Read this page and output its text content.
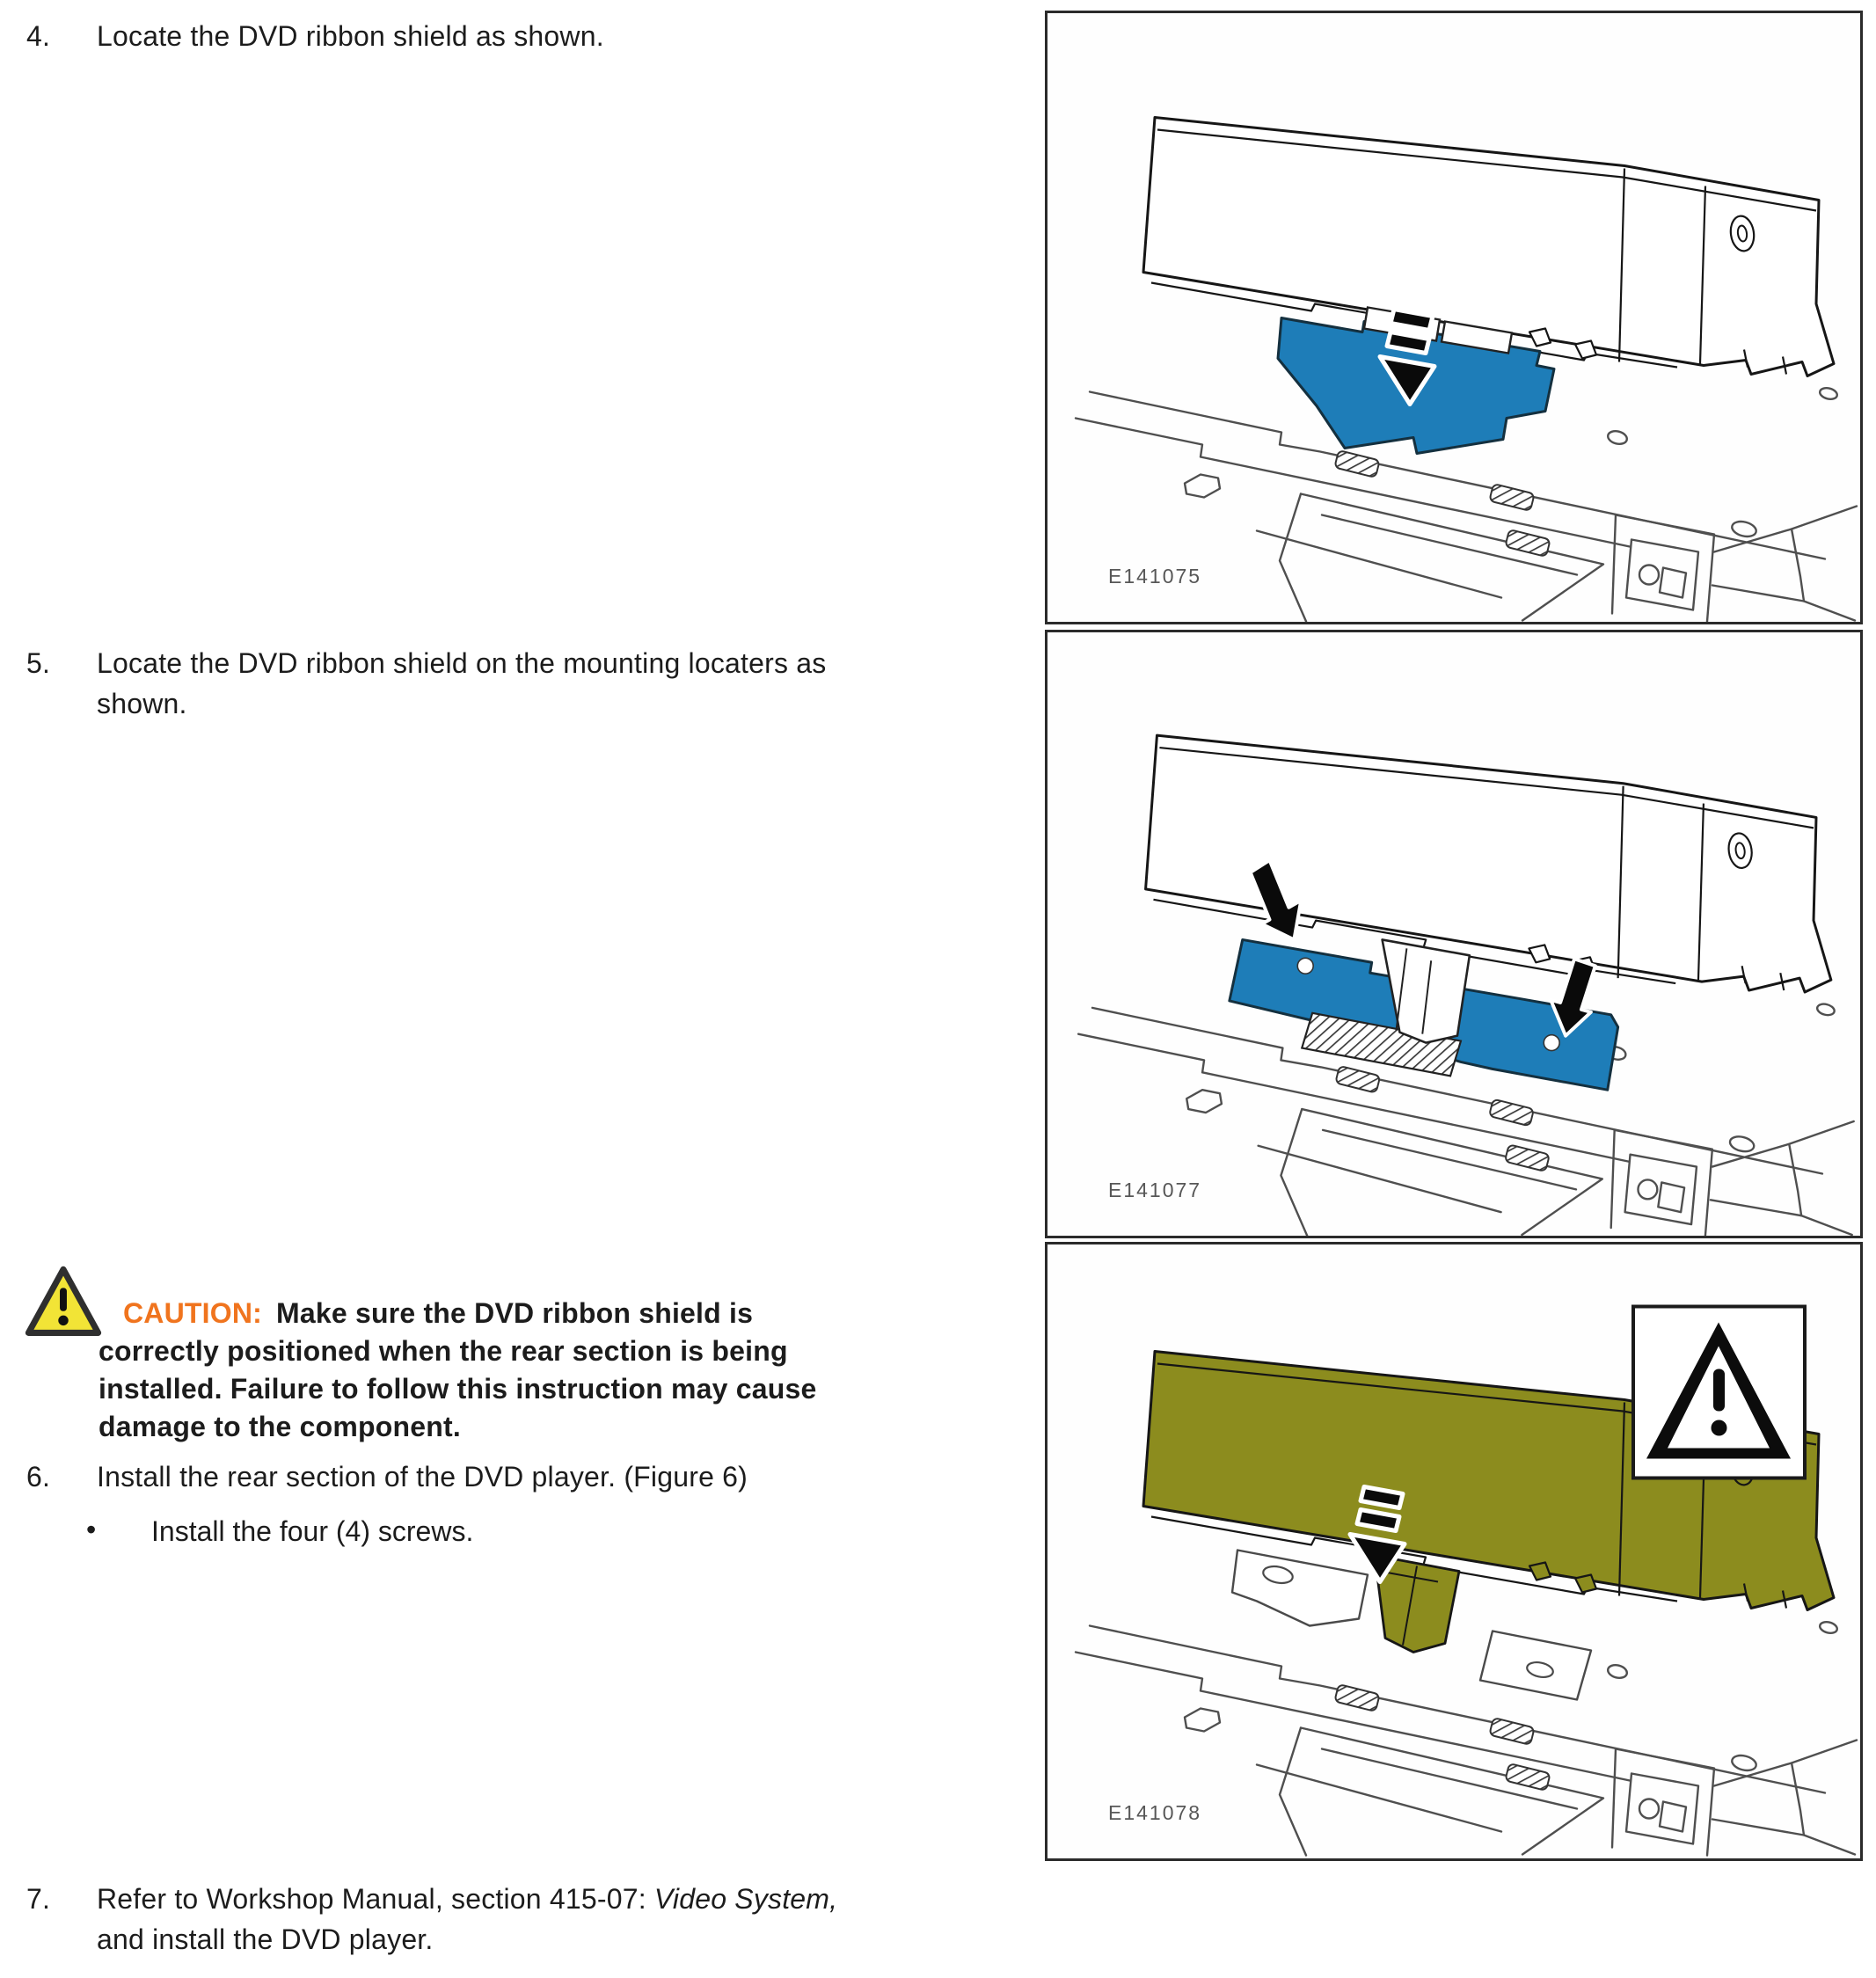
4. Locate the DVD ribbon shield as shown.
5. Locate the DVD ribbon shield on the mounting locaters as
shown.
CAUTION: Make sure the DVD ribbon shield is
correctly positioned when the rear section is being
installed. Failure to follow this instruction may cause
damage to the component.
6. Install the rear section of the DVD player. (Figure 6)
• Install the four (4) screws.
7. Refer to Workshop Manual, section 415-07: Video System,
and install the DVD player.
E141075
E141077
E141078
